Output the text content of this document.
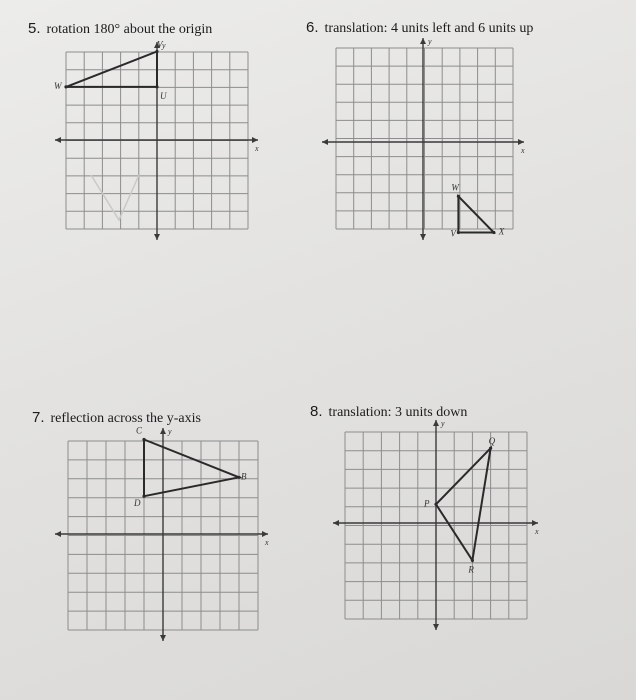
5. rotation 180° about the origin
x
y
W
V
U
6. translation: 4 units left and 6 units up
x
y
W
V	X
7. reflection across the y-axis
x
y
C
B
D
8. translation: 3 units down
x
y
Q
P
R
